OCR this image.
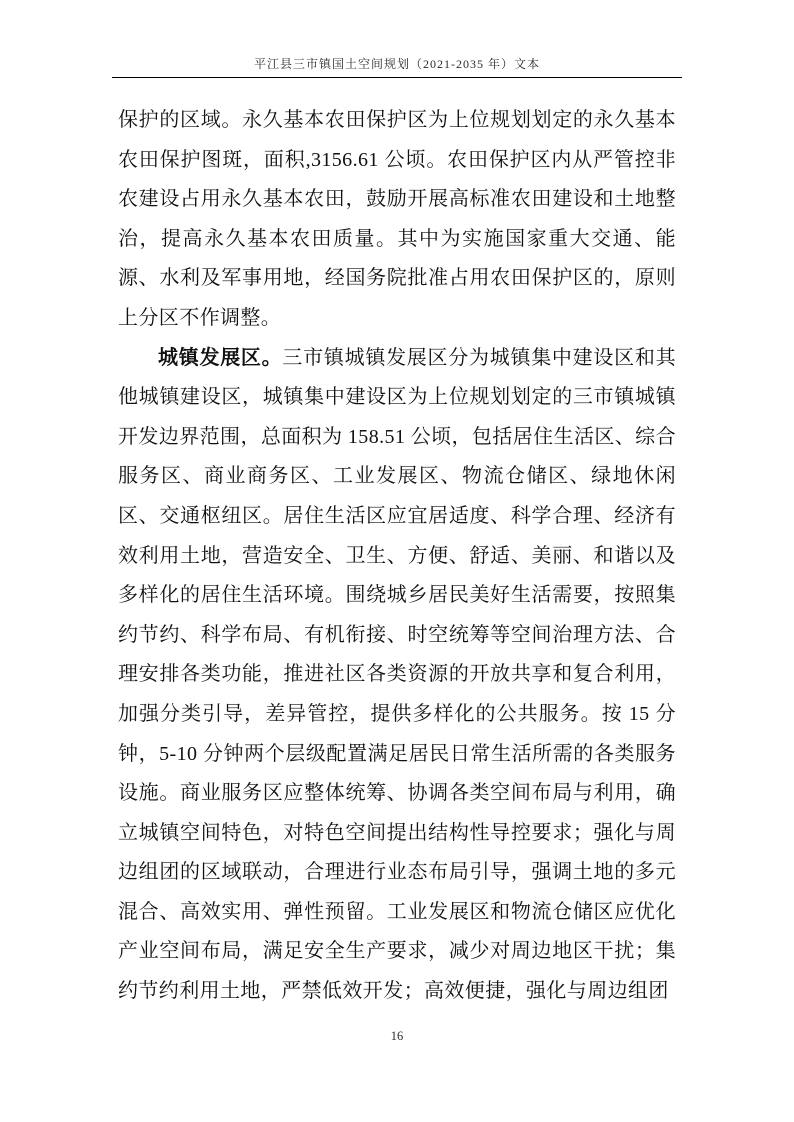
平江县三市镇国土空间规划（2021-2035 年）文本

保护的区域。永久基本农田保护区为上位规划划定的永久基本农田保护图斑，面积,3156.61 公顷。农田保护区内从严管控非农建设占用永久基本农田，鼓励开展高标准农田建设和土地整治，提高永久基本农田质量。其中为实施国家重大交通、能源、水利及军事用地，经国务院批准占用农田保护区的，原则上分区不作调整。

城镇发展区。三市镇城镇发展区分为城镇集中建设区和其他城镇建设区，城镇集中建设区为上位规划划定的三市镇城镇开发边界范围，总面积为 158.51 公顷，包括居住生活区、综合服务区、商业商务区、工业发展区、物流仓储区、绿地休闲区、交通枢纽区。居住生活区应宜居适度、科学合理、经济有效利用土地，营造安全、卫生、方便、舒适、美丽、和谐以及多样化的居住生活环境。围绕城乡居民美好生活需要，按照集约节约、科学布局、有机衔接、时空统筹等空间治理方法、合理安排各类功能，推进社区各类资源的开放共享和复合利用，加强分类引导，差异管控，提供多样化的公共服务。按 15 分钟，5-10 分钟两个层级配置满足居民日常生活所需的各类服务设施。商业服务区应整体统筹、协调各类空间布局与利用，确立城镇空间特色，对特色空间提出结构性导控要求；强化与周边组团的区域联动，合理进行业态布局引导，强调土地的多元混合、高效实用、弹性预留。工业发展区和物流仓储区应优化产业空间布局，满足安全生产要求，减少对周边地区干扰；集约节约利用土地，严禁低效开发；高效便捷，强化与周边组团

16
